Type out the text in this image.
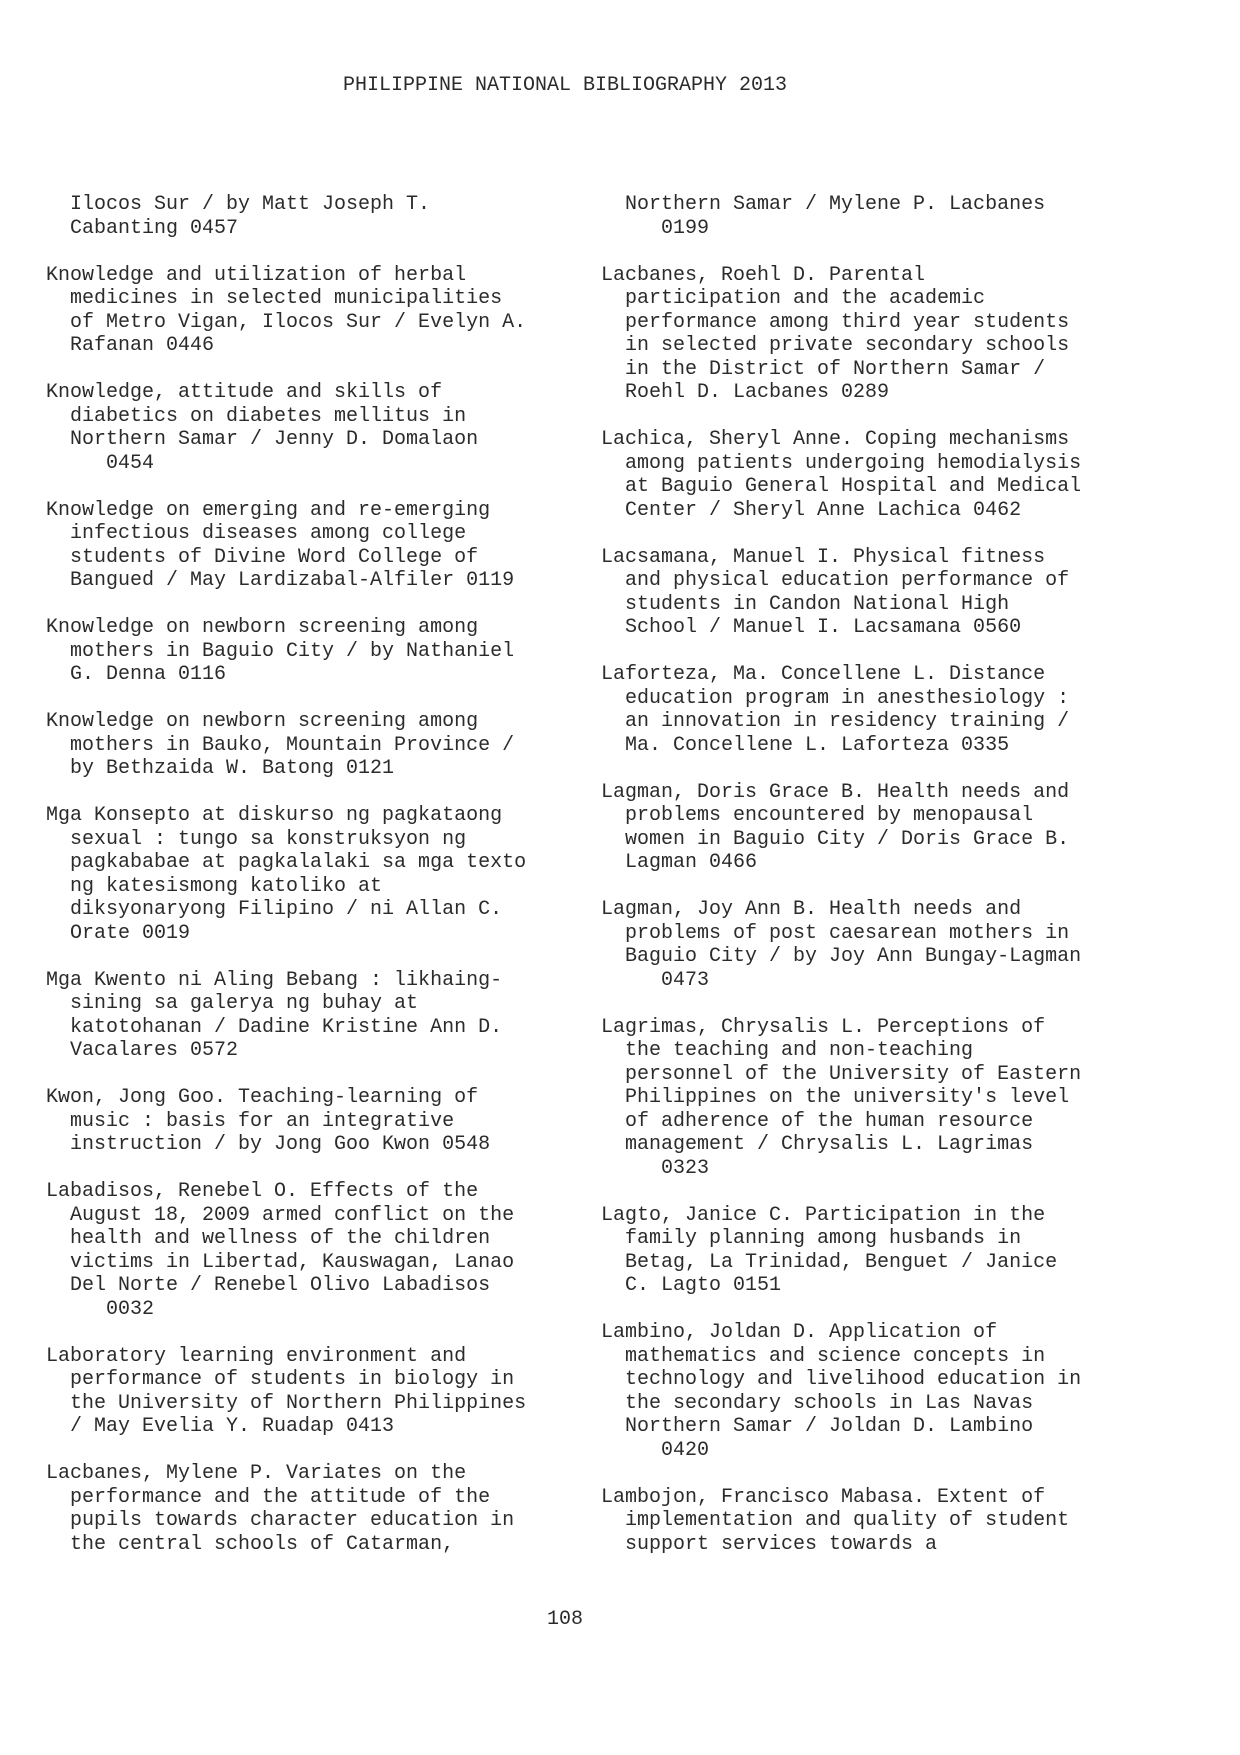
PHILIPPINE NATIONAL BIBLIOGRAPHY 2013
Ilocos Sur / by Matt Joseph T.
Cabanting 0457
Knowledge and utilization of herbal
medicines in selected municipalities
of Metro Vigan, Ilocos Sur / Evelyn A.
Rafanan 0446
Knowledge, attitude and skills of
diabetics on diabetes mellitus in
Northern Samar / Jenny D. Domalaon
0454
Knowledge on emerging and re-emerging
infectious diseases among college
students of Divine Word College of
Bangued / May Lardizabal-Alfiler 0119
Knowledge on newborn screening among
mothers in Baguio City / by Nathaniel
G. Denna 0116
Knowledge on newborn screening among
mothers in Bauko, Mountain Province /
by Bethzaida W. Batong 0121
Mga Konsepto at diskurso ng pagkataong
sexual : tungo sa konstruksyon ng
pagkababae at pagkalalaki sa mga texto
ng katesismong katoliko at
diksyonaryong Filipino / ni Allan C.
Orate 0019
Mga Kwento ni Aling Bebang : likhaing-
sining sa galerya ng buhay at
katotohanan / Dadine Kristine Ann D.
Vacalares 0572
Kwon, Jong Goo. Teaching-learning of
music : basis for an integrative
instruction / by Jong Goo Kwon 0548
Labadisos, Renebel O. Effects of the
August 18, 2009 armed conflict on the
health and wellness of the children
victims in Libertad, Kauswagan, Lanao
Del Norte / Renebel Olivo Labadisos
0032
Laboratory learning environment and
performance of students in biology in
the University of Northern Philippines
/ May Evelia Y. Ruadap 0413
Lacbanes, Mylene P. Variates on the
performance and the attitude of the
pupils towards character education in
the central schools of Catarman,
Northern Samar / Mylene P. Lacbanes
0199
Lacbanes, Roehl D. Parental
participation and the academic
performance among third year students
in selected private secondary schools
in the District of Northern Samar /
Roehl D. Lacbanes 0289
Lachica, Sheryl Anne. Coping mechanisms
among patients undergoing hemodialysis
at Baguio General Hospital and Medical
Center / Sheryl Anne Lachica 0462
Lacsamana, Manuel I. Physical fitness
and physical education performance of
students in Candon National High
School / Manuel I. Lacsamana 0560
Laforteza, Ma. Concellene L. Distance
education program in anesthesiology :
an innovation in residency training /
Ma. Concellene L. Laforteza 0335
Lagman, Doris Grace B. Health needs and
problems encountered by menopausal
women in Baguio City / Doris Grace B.
Lagman 0466
Lagman, Joy Ann B. Health needs and
problems of post caesarean mothers in
Baguio City / by Joy Ann Bungay-Lagman
0473
Lagrimas, Chrysalis L. Perceptions of
the teaching and non-teaching
personnel of the University of Eastern
Philippines on the university's level
of adherence of the human resource
management / Chrysalis L. Lagrimas
0323
Lagto, Janice C. Participation in the
family planning among husbands in
Betag, La Trinidad, Benguet / Janice
C. Lagto 0151
Lambino, Joldan D. Application of
mathematics and science concepts in
technology and livelihood education in
the secondary schools in Las Navas
Northern Samar / Joldan D. Lambino
0420
Lambojon, Francisco Mabasa. Extent of
implementation and quality of student
support services towards a
108
